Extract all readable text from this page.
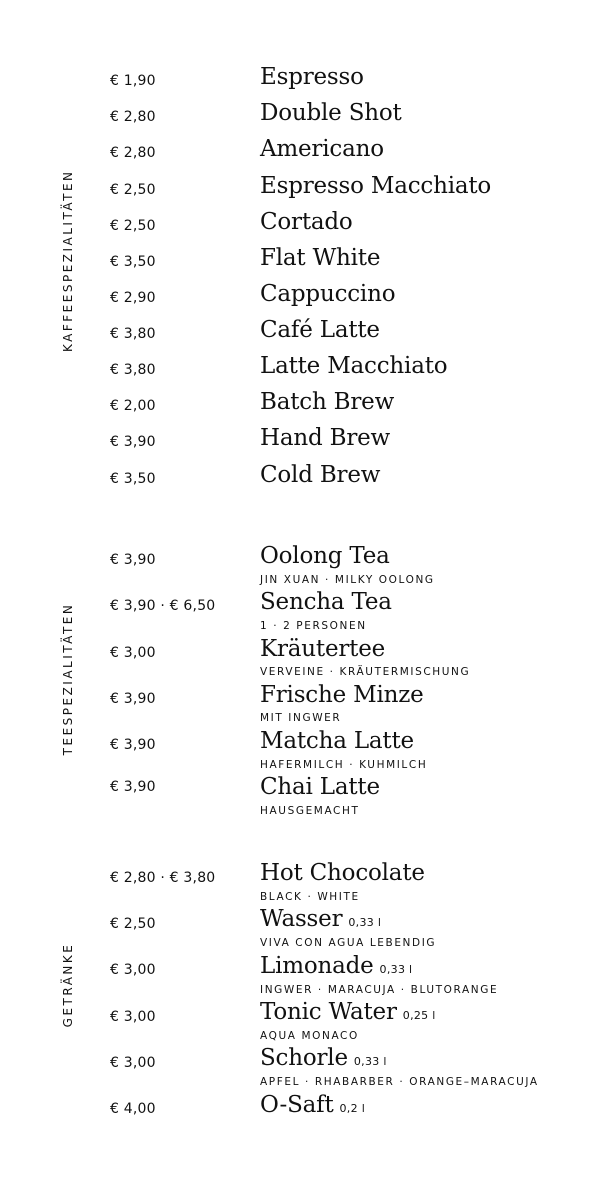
KAFFEESPEZIALITÄTEN
TEESPEZIALITÄTEN
GETRÄNKE
€ 1,90	Espresso
€ 2,80	Double Shot
€ 2,80	Americano
€ 2,50	Espresso Macchiato
€ 2,50	Cortado
€ 3,50	Flat White
€ 2,90	Cappuccino
€ 3,80	Café Latte
€ 3,80	Latte Macchiato
€ 2,00	Batch Brew
€ 3,90	Hand Brew
€ 3,50	Cold Brew
€ 3,90	Oolong Tea
JIN XUAN · MILKY OOLONG
€ 3,90 · € 6,50 Sencha Tea
1 · 2 PERSONEN
€ 3,00	Kräutertee
VERVEINE · KRÄUTERMISCHUNG
€ 3,90	Frische Minze
MIT INGWER
€ 3,90	Matcha Latte
HAFERMILCH · KUHMILCH
€ 3,90	Chai Latte
HAUSGEMACHT
€ 2,80 · € 3,80 Hot Chocolate
BLACK · WHITE
€ 2,50	Wasser 0,33 l
VIVA CON AGUA LEBENDIG
€ 3,00	Limonade 0,33 l
INGWER · MARACUJA · BLUTORANGE
€ 3,00	Tonic Water 0,25 l
AQUA MONACO
€ 3,00	Schorle 0,33 l
APFEL · RHABARBER · ORANGE–MARACUJA
€ 4,00	O-Saft 0,2 l
